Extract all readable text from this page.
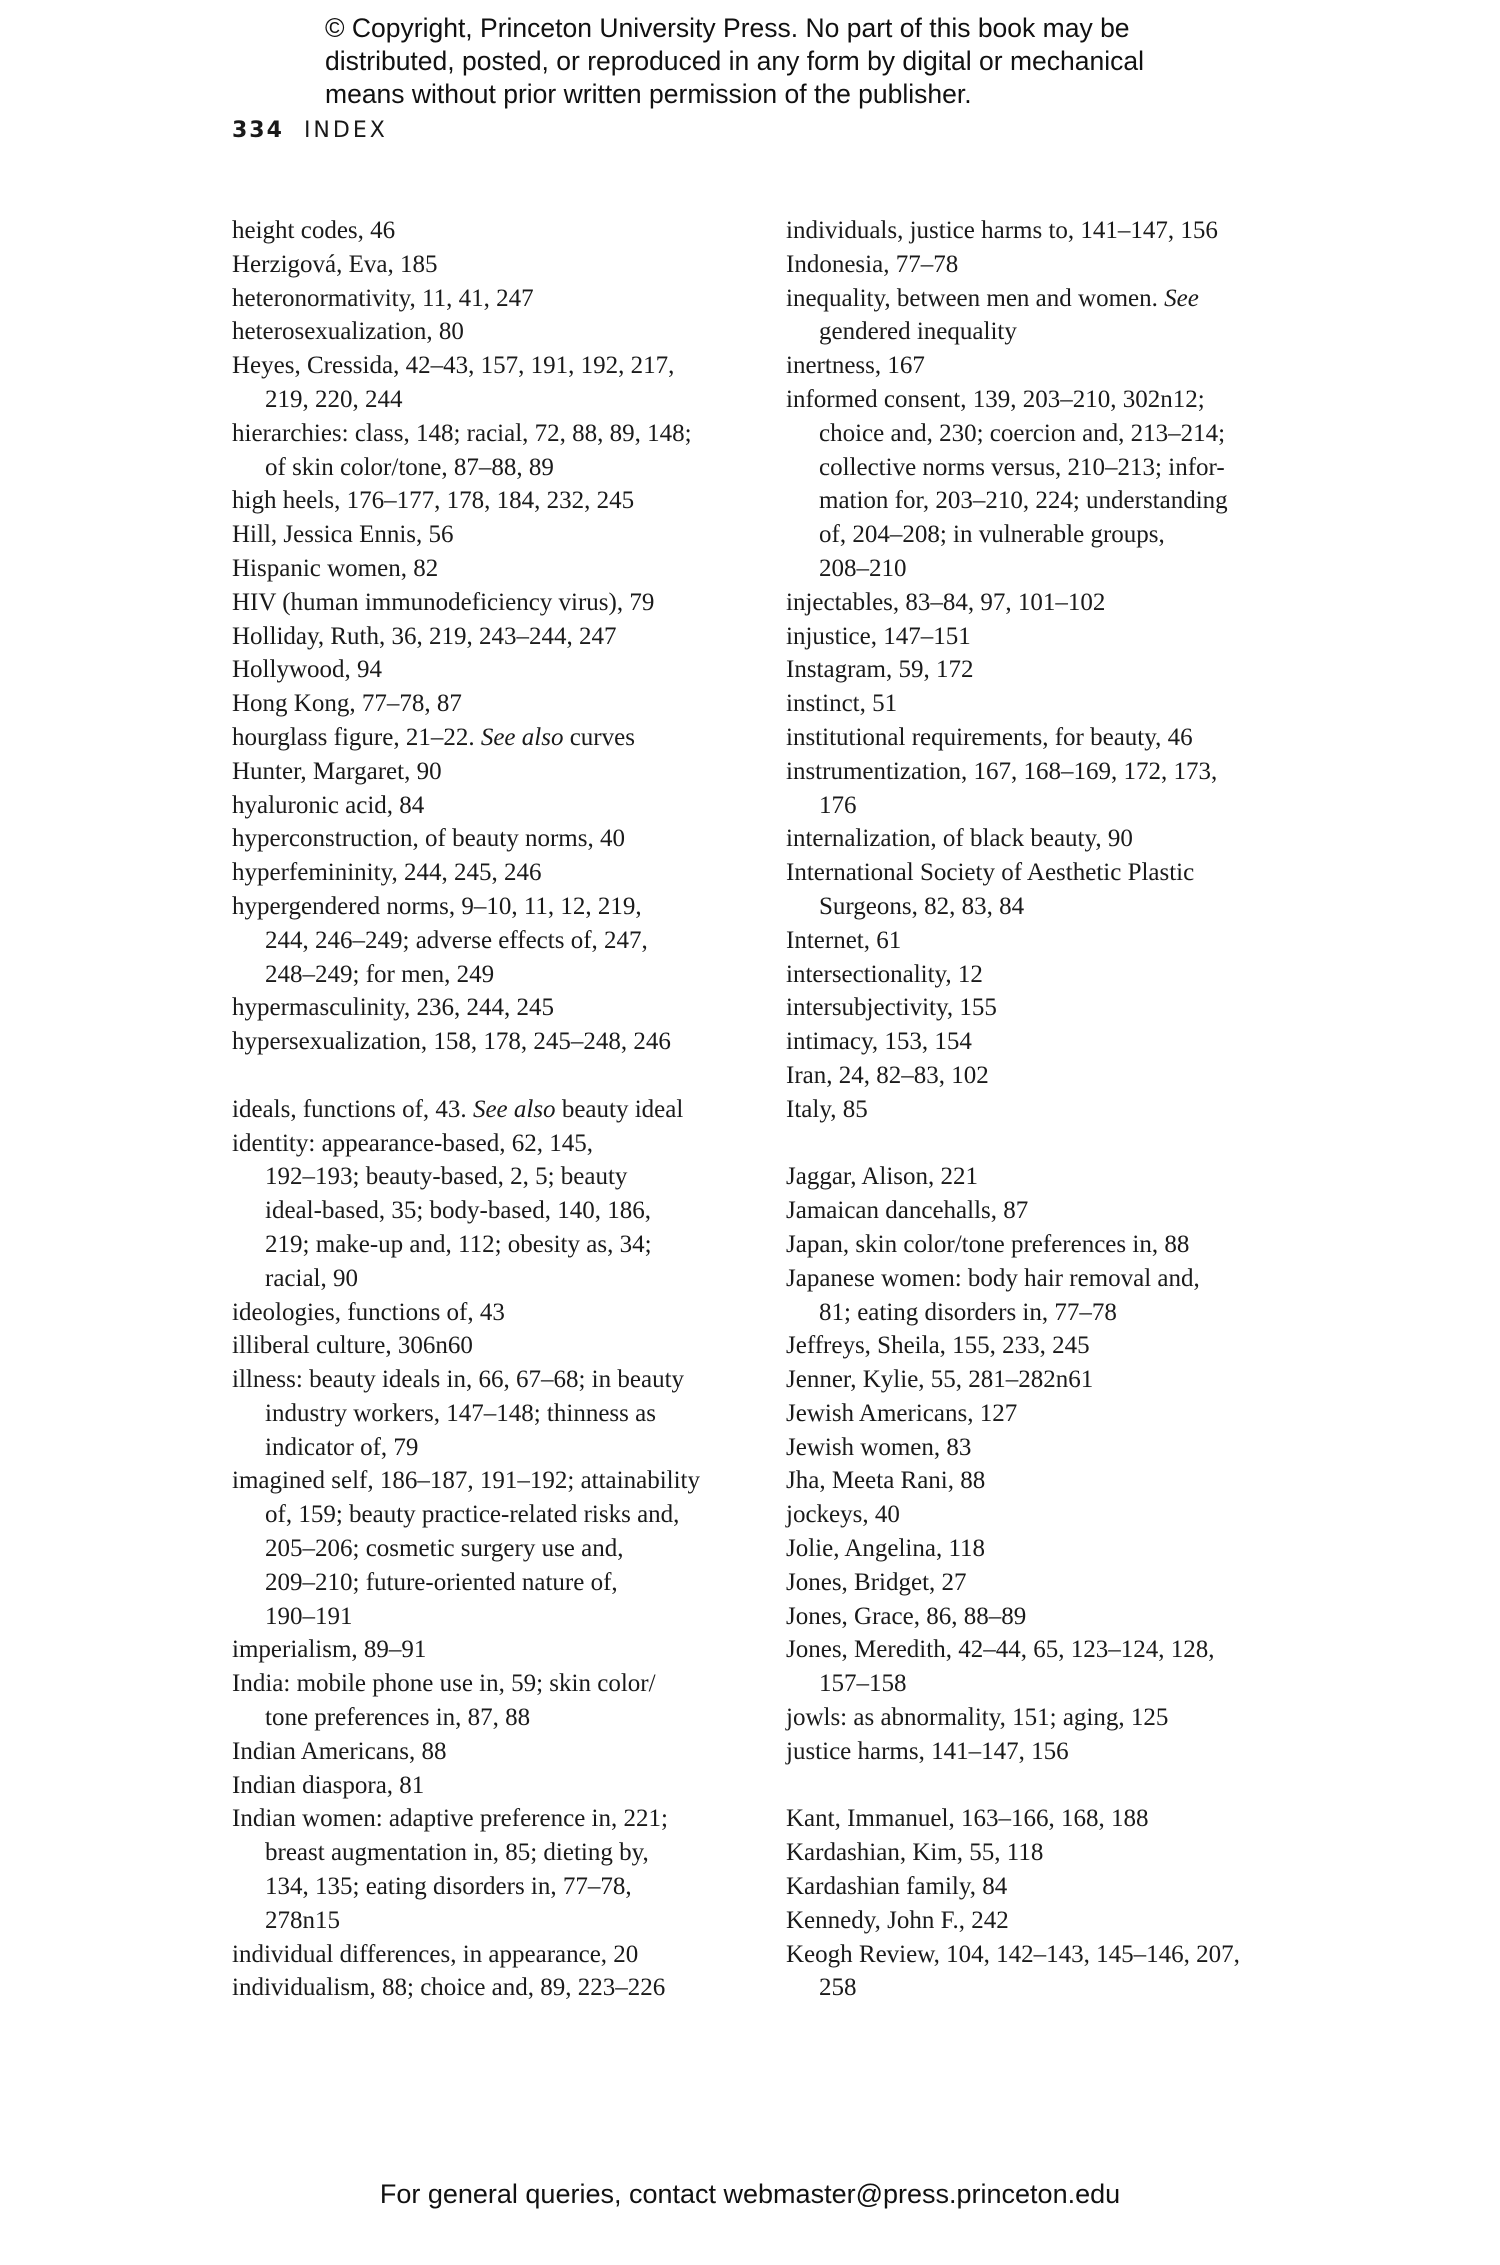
© Copyright, Princeton University Press. No part of this book may be
distributed, posted, or reproduced in any form by digital or mechanical
means without prior written permission of the publisher.
334 INDEX

height codes, 46

Herzigová, Eva, 185

heteronormativity, 11, 41, 247

heterosexualization, 80

Heyes, Cressida, 42–43, 157, 191, 192, 217,
219, 220, 244

hierarchies: class, 148; racial, 72, 88, 89, 148;
of skin color/tone, 87–88, 89

high heels, 176–177, 178, 184, 232, 245

Hill, Jessica Ennis, 56

Hispanic women, 82

HIV (human immunodeficiency virus), 79

Holliday, Ruth, 36, 219, 243–244, 247

Hollywood, 94

Hong Kong, 77–78, 87

hourglass figure, 21–22. See also curves

Hunter, Margaret, 90

hyaluronic acid, 84

hyperconstruction, of beauty norms, 40

hyperfemininity, 244, 245, 246

hypergendered norms, 9–10, 11, 12, 219,
244, 246–249; adverse effects of, 247,
248–249; for men, 249

hypermasculinity, 236, 244, 245

hypersexualization, 158, 178, 245–248, 246

ideals, functions of, 43. See also beauty ideal

identity: appearance-based, 62, 145,
192–193; beauty-based, 2, 5; beauty
ideal-based, 35; body-based, 140, 186,
219; make-up and, 112; obesity as, 34;
racial, 90

ideologies, functions of, 43

illiberal culture, 306n60

illness: beauty ideals in, 66, 67–68; in beauty
industry workers, 147–148; thinness as
indicator of, 79

imagined self, 186–187, 191–192; attainability
of, 159; beauty practice-related risks and,
205–206; cosmetic surgery use and,
209–210; future-oriented nature of,
190–191

imperialism, 89–91

India: mobile phone use in, 59; skin color/
tone preferences in, 87, 88

Indian Americans, 88

Indian diaspora, 81

Indian women: adaptive preference in, 221;
breast augmentation in, 85; dieting by,
134, 135; eating disorders in, 77–78,
278n15

individual differences, in appearance, 20

individualism, 88; choice and, 89, 223–226

individuals, justice harms to, 141–147, 156

Indonesia, 77–78

inequality, between men and women. See
gendered inequality

inertness, 167

informed consent, 139, 203–210, 302n12;
choice and, 230; coercion and, 213–214;
collective norms versus, 210–213; infor-
mation for, 203–210, 224; understanding
of, 204–208; in vulnerable groups,
208–210

injectables, 83–84, 97, 101–102

injustice, 147–151

Instagram, 59, 172

instinct, 51

institutional requirements, for beauty, 46

instrumentization, 167, 168–169, 172, 173,
176

internalization, of black beauty, 90

International Society of Aesthetic Plastic
Surgeons, 82, 83, 84

Internet, 61

intersectionality, 12

intersubjectivity, 155

intimacy, 153, 154

Iran, 24, 82–83, 102

Italy, 85

Jaggar, Alison, 221

Jamaican dancehalls, 87

Japan, skin color/tone preferences in, 88

Japanese women: body hair removal and,
81; eating disorders in, 77–78

Jeffreys, Sheila, 155, 233, 245

Jenner, Kylie, 55, 281–282n61

Jewish Americans, 127

Jewish women, 83

Jha, Meeta Rani, 88

jockeys, 40

Jolie, Angelina, 118

Jones, Bridget, 27

Jones, Grace, 86, 88–89

Jones, Meredith, 42–44, 65, 123–124, 128,
157–158

jowls: as abnormality, 151; aging, 125

justice harms, 141–147, 156

Kant, Immanuel, 163–166, 168, 188

Kardashian, Kim, 55, 118

Kardashian family, 84

Kennedy, John F., 242

Keogh Review, 104, 142–143, 145–146, 207,
258

For general queries, contact webmaster@press.princeton.edu
